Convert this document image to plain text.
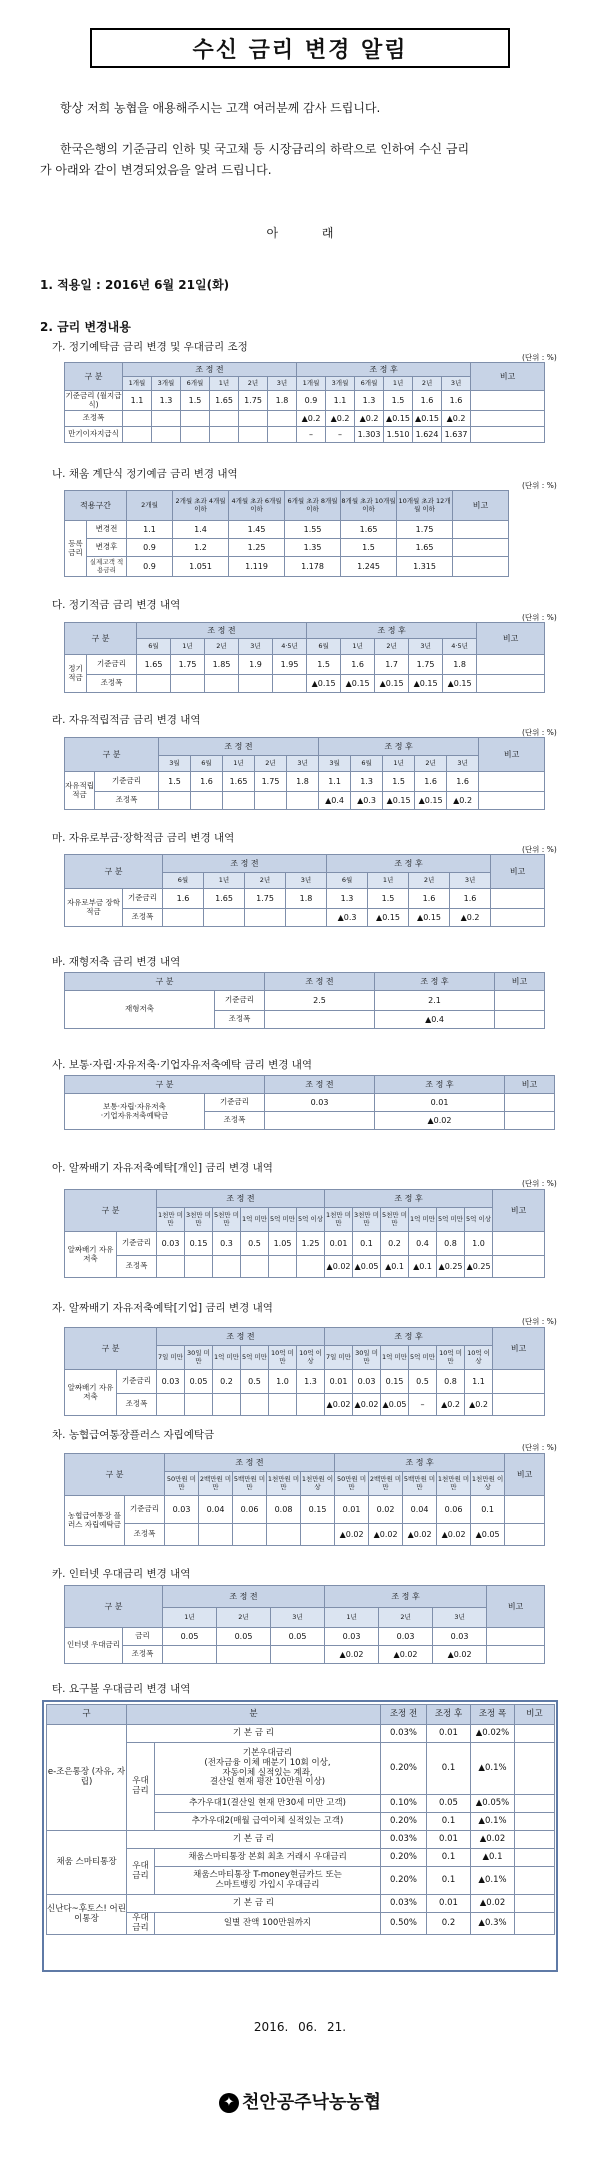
수신 금리 변경 알림
항상 저희 농협을 애용해주시는 고객 여러분께 감사 드립니다.
한국은행의 기준금리 인하 및 국고채 등 시장금리의 하락으로 인하여 수신 금리
가 아래와 같이 변경되었음을 알려 드립니다.
아 래
1. 적용일 : 2016년 6월 21일(화)
2. 금리 변경내용
가. 정기예탁금 금리 변경 및 우대금리 조정
(단위 : %)
구 분	조 정 전						조 정 후						비고
	1개월	3개월	6개월	1년	2년	3년	1개월	3개월	6개월	1년	2년	3년	
기준금리 (월지급식)	1.1	1.3	1.5	1.65	1.75	1.8	0.9	1.1	1.3	1.5	1.6	1.6	
조정폭							▲0.2	▲0.2	▲0.2	▲0.15	▲0.15	▲0.2	
만기이자지급식							–	–	1.303	1.510	1.624	1.637	
나. 채움 계단식 정기예금 금리 변경 내역
(단위 : %)
적용구간		2개월	2개월 초과 4개월 이하	4개월 초과 6개월 이하	6개월 초과 8개월 이하	8개월 초과 10개월 이하	10개월 초과 12개월 이하	비고
등록 금리	변경전	1.1	1.4	1.45	1.55	1.65	1.75	
	변경후	0.9	1.2	1.25	1.35	1.5	1.65	
	실제고객 적용금리	0.9	1.051	1.119	1.178	1.245	1.315	
다. 정기적금 금리 변경 내역
(단위 : %)
구 분		조 정 전					조 정 후					비고
		6월	1년	2년	3년	4·5년	6월	1년	2년	3년	4·5년	
정기적금	기준금리	1.65	1.75	1.85	1.9	1.95	1.5	1.6	1.7	1.75	1.8	
	조정폭						▲0.15	▲0.15	▲0.15	▲0.15	▲0.15	
라. 자유적립적금 금리 변경 내역
(단위 : %)
구 분		조 정 전					조 정 후					비고
		3월	6월	1년	2년	3년	3월	6월	1년	2년	3년	
자유적립적금	기준금리	1.5	1.6	1.65	1.75	1.8	1.1	1.3	1.5	1.6	1.6	
	조정폭						▲0.4	▲0.3	▲0.15	▲0.15	▲0.2	
마. 자유로부금·장학적금 금리 변경 내역
(단위 : %)
구 분		조 정 전				조 정 후				비고
		6월	1년	2년	3년	6월	1년	2년	3년	
자유로부금 장학적금	기준금리	1.6	1.65	1.75	1.8	1.3	1.5	1.6	1.6	
	조정폭					▲0.3	▲0.15	▲0.15	▲0.2	
바. 재형저축 금리 변경 내역
구 분		조 정 전	조 정 후	비고
재형저축	기준금리	2.5	2.1	
	조정폭		▲0.4	
사. 보통·자립·자유저축·기업자유저축예탁 금리 변경 내역
구 분		조 정 전	조 정 후	비고

보통·자립·자유저축
·기업자유저축예탁금	기준금리	0.03	0.01	
	조정폭		▲0.02	
아. 알짜배기 자유저축예탁[개인] 금리 변경 내역
(단위 : %)
구 분		조 정 전						조 정 후						비고
		1천만 미만	3천만 미만	5천만 미만	1억 미만	5억 미만	5억 이상	1천만 미만	3천만 미만	5천만 미만	1억 미만	5억 미만	5억 이상	
알짜배기 자유저축	기준금리	0.03	0.15	0.3	0.5	1.05	1.25	0.01	0.1	0.2	0.4	0.8	1.0	
	조정폭							▲0.02	▲0.05	▲0.1	▲0.1	▲0.25	▲0.25	
자. 알짜배기 자유저축예탁[기업] 금리 변경 내역
(단위 : %)
구 분		조 정 전						조 정 후						비고
		7일 미만	30일 미만	1억 미만	5억 미만	10억 미만	10억 이상	7일 미만	30일 미만	1억 미만	5억 미만	10억 미만	10억 이상	
알짜배기 자유저축	기준금리	0.03	0.05	0.2	0.5	1.0	1.3	0.01	0.03	0.15	0.5	0.8	1.1	
	조정폭							▲0.02	▲0.02	▲0.05	–	▲0.2	▲0.2	
차. 농협급여통장플러스 자립예탁금
(단위 : %)
구 분		조 정 전					조 정 후					비고
		50만원 미만	2백만원 미만	5백만원 미만	1천만원 미만	1천만원 이상	50만원 미만	2백만원 미만	5백만원 미만	1천만원 미만	1천만원 이상	
농협급여통장 플러스 자립예탁금	기준금리	0.03	0.04	0.06	0.08	0.15	0.01	0.02	0.04	0.06	0.1	
	조정폭						▲0.02	▲0.02	▲0.02	▲0.02	▲0.05	
카. 인터넷 우대금리 변경 내역
구 분		조 정 전			조 정 후			비고
		1년	2년	3년	1년	2년	3년	
인터넷 우대금리	금리	0.05	0.05	0.05	0.03	0.03	0.03	
	조정폭				▲0.02	▲0.02	▲0.02	
타. 요구불 우대금리 변경 내역
구	분		조정 전	조정 후	조정 폭	비고
e-조은통장 (자유, 자립)	기 본 금 리		0.03%	0.01	▲0.02%	
	우대 금리	기본우대금리
(전자금융 이체 매분기 10회 이상,
자동이체 실적있는 계좌,
결산일 현재 평잔 10만원 이상)	0.20%	0.1	▲0.1%	
		추가우대1(결산일 현재 만30세 미만 고객)	0.10%	0.05	▲0.05%	
		추가우대2(매월 급여이체 실적있는 고객)	0.20%	0.1	▲0.1%	

채움 스마티통장	기 본 금 리		0.03%	0.01	▲0.02	
	우대 금리	채움스마티통장 본회 최초 거래시 우대금리	0.20%	0.1	▲0.1	

		채움스마티통장 T-money현금카드 또는
스마트뱅킹 가입시 우대금리	0.20%	0.1	▲0.1%	
신난다~후토스! 어린이통장	기 본 금 리		0.03%	0.01	▲0.02	
	우대 금리	일별 잔액 100만원까지	0.50%	0.2	▲0.3%	
2016. 06. 21.
✦ 천안공주낙농농협
